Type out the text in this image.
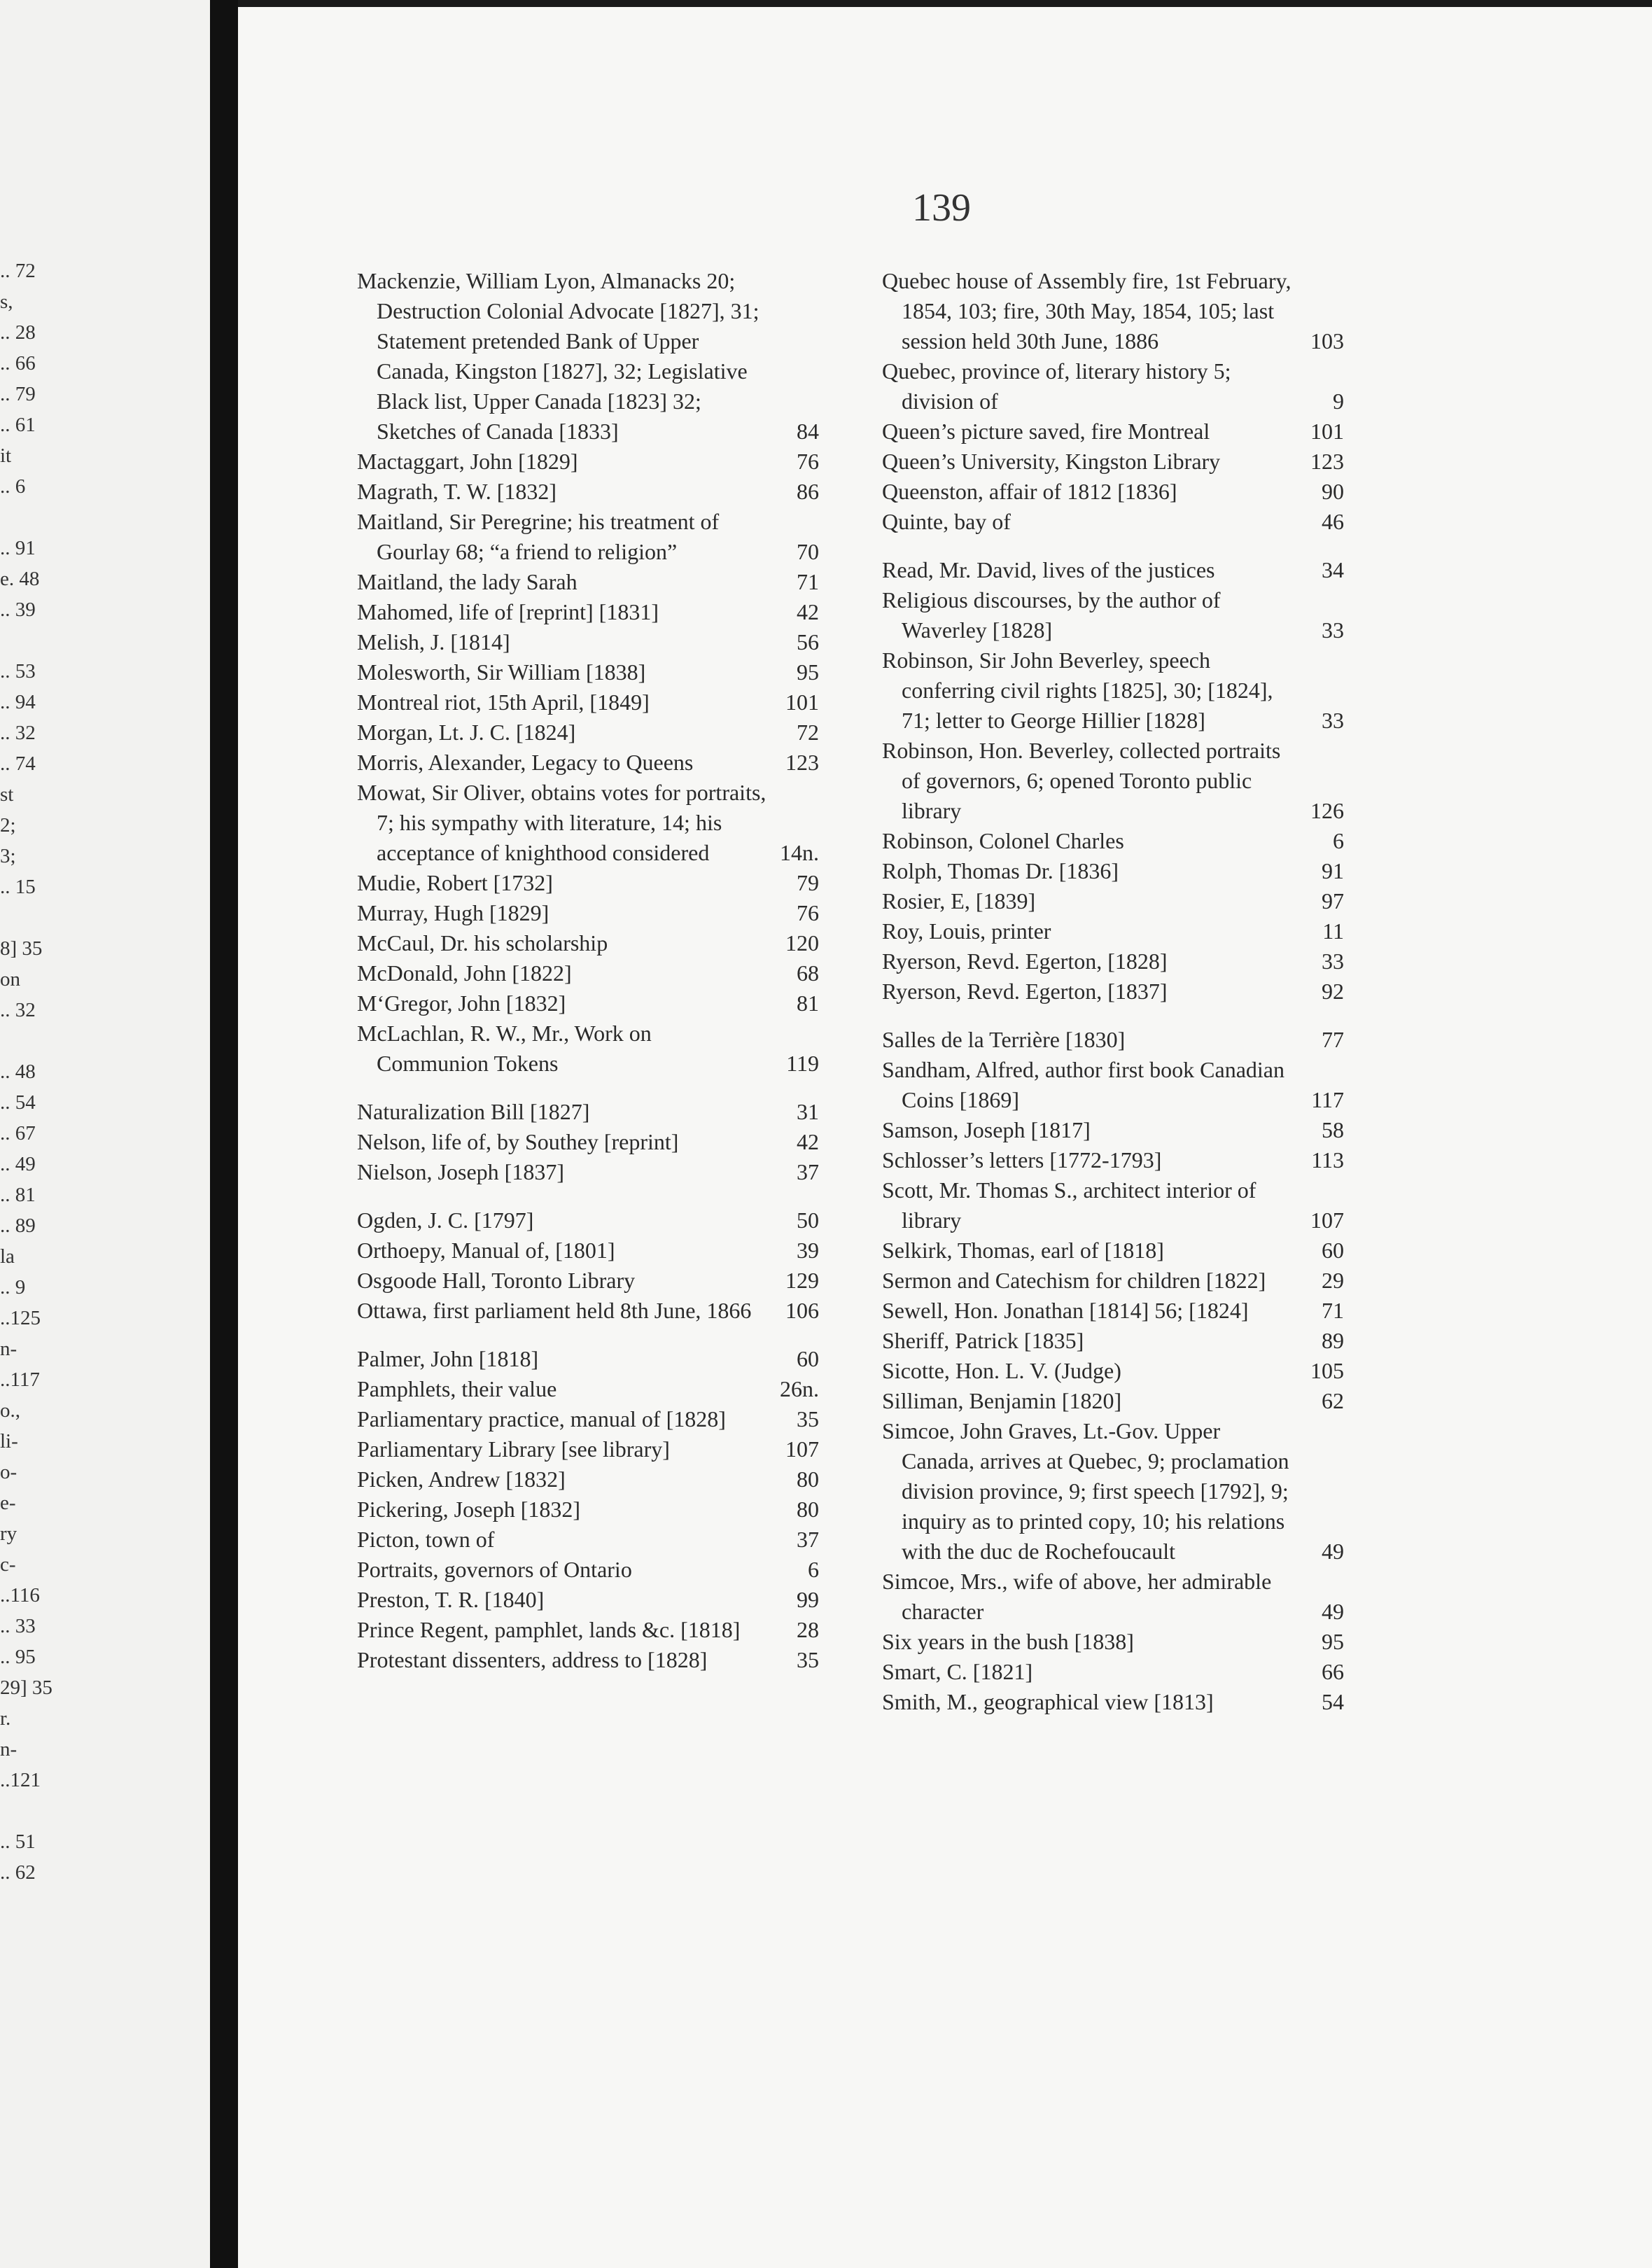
.. 72
s,
.. 28
.. 66
.. 79
.. 61
it
.. 6
.. 91
e. 48
.. 39
.. 53
.. 94
.. 32
.. 74
st
2;
3;
.. 15
8] 35
on
.. 32
.. 48
.. 54
.. 67
.. 49
.. 81
.. 89
la
.. 9
..125
n-
..117
o.,
li-
o-
e-
ry
c-
..116
.. 33
.. 95
29] 35
r.
n-
..121
.. 51
.. 62
139
Mackenzie, William Lyon, Almanacks 20; Destruction Colonial Advocate [1827], 31; Statement pretended Bank of Upper Canada, Kingston [1827], 32; Legislative Black list, Upper Canada [1823] 32; Sketches of Canada [1833]	84
Mactaggart, John [1829]	76
Magrath, T. W. [1832]	86
Maitland, Sir Peregrine; his treatment of Gourlay 68; “a friend to religion”	70
Maitland, the lady Sarah	71
Mahomed, life of [reprint] [1831]	42
Melish, J. [1814]	56
Molesworth, Sir William [1838]	95
Montreal riot, 15th April, [1849]	101
Morgan, Lt. J. C. [1824]	72
Morris, Alexander, Legacy to Queens	123
Mowat, Sir Oliver, obtains votes for portraits, 7; his sympathy with literature, 14; his acceptance of knighthood considered	14n.
Mudie, Robert [1732]	79
Murray, Hugh [1829]	76
McCaul, Dr. his scholarship	120
McDonald, John [1822]	68
M‘Gregor, John [1832]	81
McLachlan, R. W., Mr., Work on Communion Tokens	119
Naturalization Bill [1827]	31
Nelson, life of, by Southey [reprint]	42
Nielson, Joseph [1837]	37
Ogden, J. C. [1797]	50
Orthoepy, Manual of, [1801]	39
Osgoode Hall, Toronto Library	129
Ottawa, first parliament held 8th June, 1866	106
Palmer, John [1818]	60
Pamphlets, their value	26n.
Parliamentary practice, manual of [1828]	35
Parliamentary Library [see library]	107
Picken, Andrew [1832]	80
Pickering, Joseph [1832]	80
Picton, town of	37
Portraits, governors of Ontario	6
Preston, T. R. [1840]	99
Prince Regent, pamphlet, lands &c. [1818]	28
Protestant dissenters, address to [1828]	35
Quebec house of Assembly fire, 1st February, 1854, 103; fire, 30th May, 1854, 105; last session held 30th June, 1886	103
Quebec, province of, literary history 5; division of	9
Queen’s picture saved, fire Montreal	101
Queen’s University, Kingston Library	123
Queenston, affair of 1812 [1836]	90
Quinte, bay of	46
Read, Mr. David, lives of the justices	34
Religious discourses, by the author of Waverley [1828]	33
Robinson, Sir John Beverley, speech conferring civil rights [1825], 30; [1824], 71; letter to George Hillier [1828]	33
Robinson, Hon. Beverley, collected portraits of governors, 6; opened Toronto public library	126
Robinson, Colonel Charles	6
Rolph, Thomas Dr. [1836]	91
Rosier, E, [1839]	97
Roy, Louis, printer	11
Ryerson, Revd. Egerton, [1828]	33
Ryerson, Revd. Egerton, [1837]	92
Salles de la Terrière [1830]	77
Sandham, Alfred, author first book Canadian Coins [1869]	117
Samson, Joseph [1817]	58
Schlosser’s letters [1772-1793]	113
Scott, Mr. Thomas S., architect interior of library	107
Selkirk, Thomas, earl of [1818]	60
Sermon and Catechism for children [1822]	29
Sewell, Hon. Jonathan [1814] 56; [1824]	71
Sheriff, Patrick [1835]	89
Sicotte, Hon. L. V. (Judge)	105
Silliman, Benjamin [1820]	62
Simcoe, John Graves, Lt.-Gov. Upper Canada, arrives at Quebec, 9; proclamation division province, 9; first speech [1792], 9; inquiry as to printed copy, 10; his relations with the duc de Rochefoucault	49
Simcoe, Mrs., wife of above, her admirable character	49
Six years in the bush [1838]	95
Smart, C. [1821]	66
Smith, M., geographical view [1813]	54
